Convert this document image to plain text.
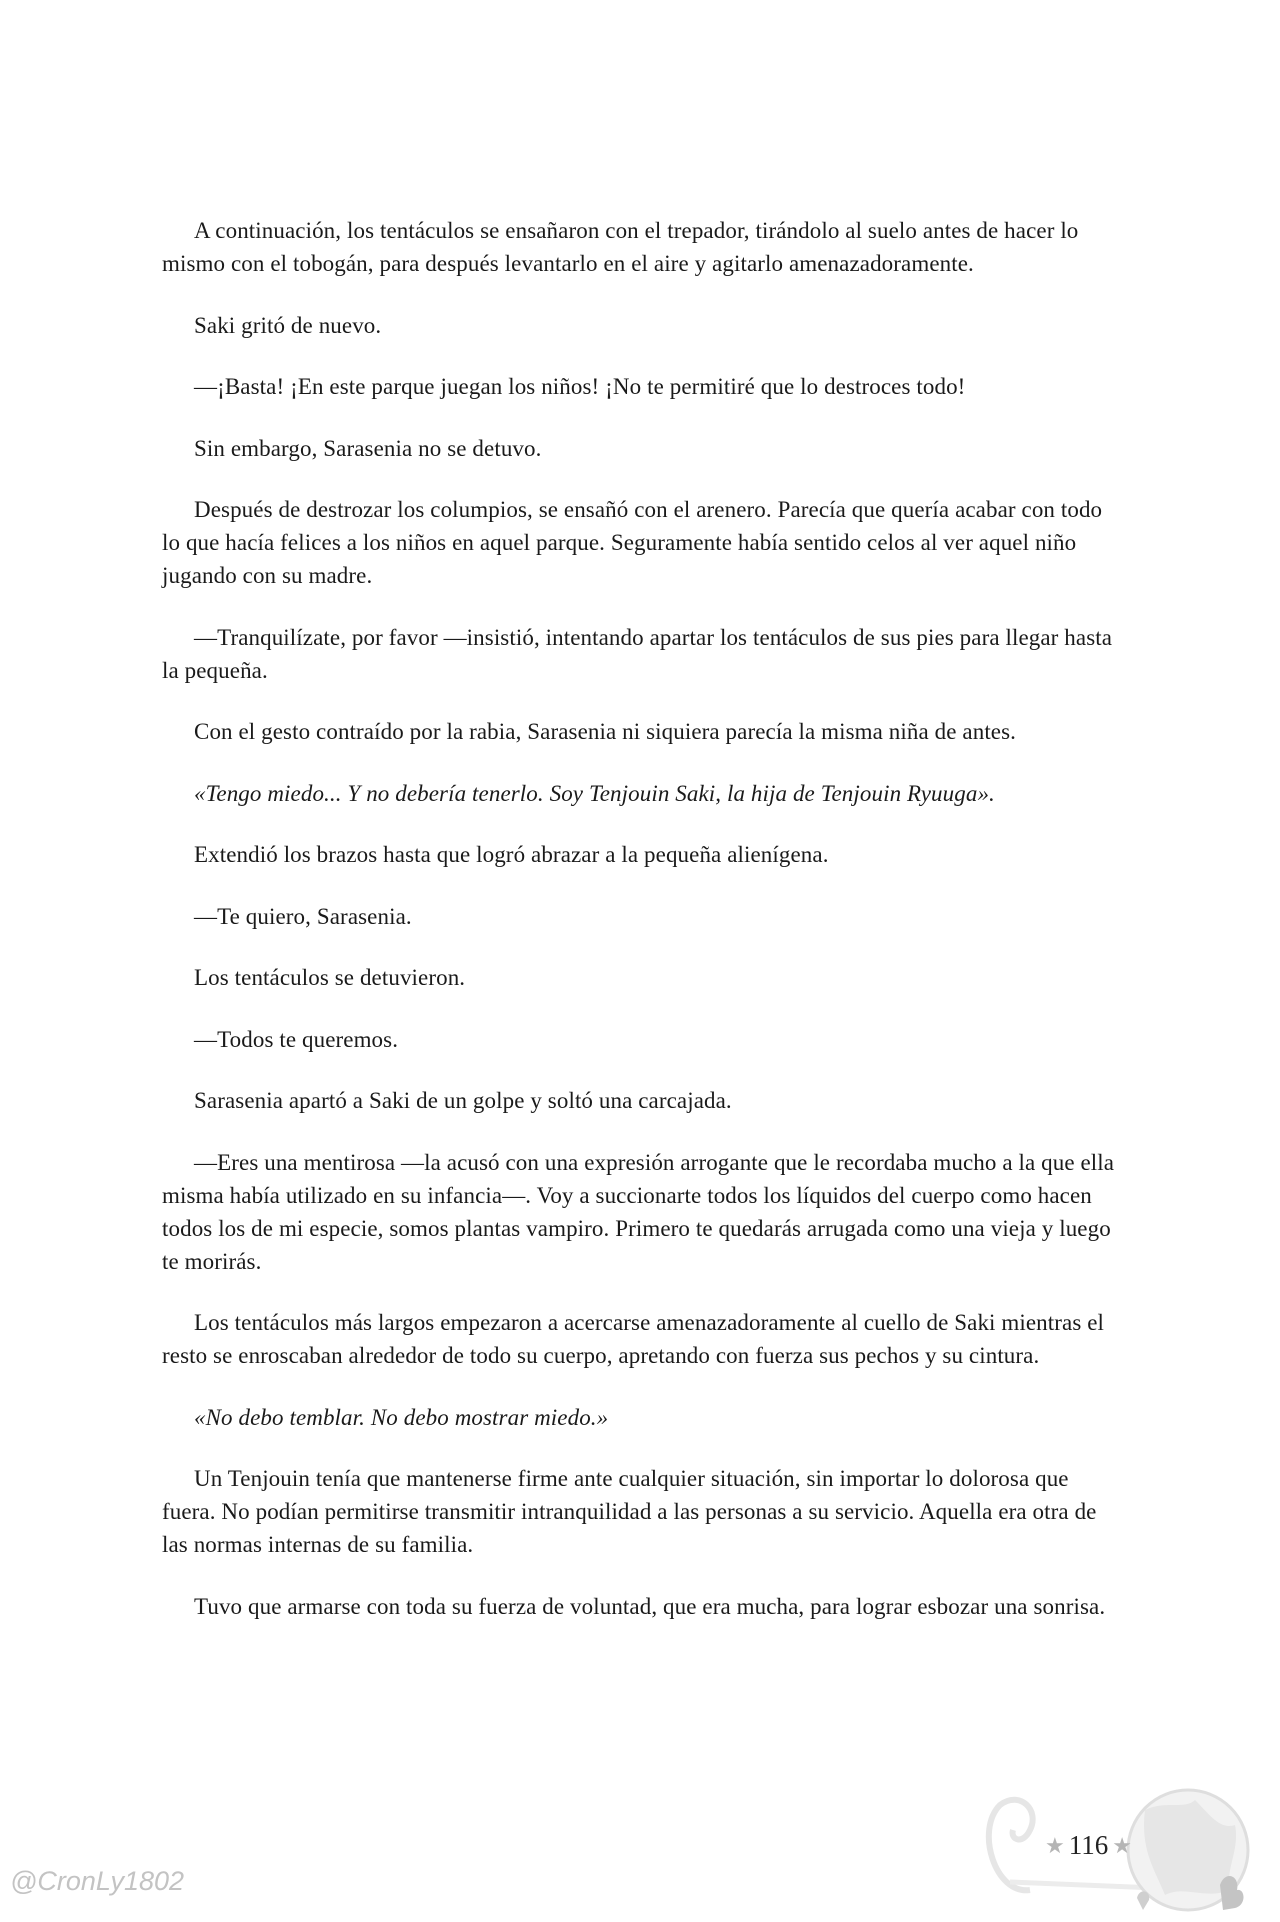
A continuación, los tentáculos se ensañaron con el trepador, tirándolo al suelo antes de hacer lo mismo con el tobogán, para después levantarlo en el aire y agitarlo amenazadoramente.

Saki gritó de nuevo.

—¡Basta! ¡En este parque juegan los niños! ¡No te permitiré que lo destroces todo!

Sin embargo, Sarasenia no se detuvo.

Después de destrozar los columpios, se ensañó con el arenero. Parecía que quería acabar con todo lo que hacía felices a los niños en aquel parque. Seguramente había sentido celos al ver aquel niño jugando con su madre.

—Tranquilízate, por favor —insistió, intentando apartar los tentáculos de sus pies para llegar hasta la pequeña.

Con el gesto contraído por la rabia, Sarasenia ni siquiera parecía la misma niña de antes.

«Tengo miedo... Y no debería tenerlo. Soy Tenjouin Saki, la hija de Tenjouin Ryuuga».

Extendió los brazos hasta que logró abrazar a la pequeña alienígena.

—Te quiero, Sarasenia.

Los tentáculos se detuvieron.

—Todos te queremos.

Sarasenia apartó a Saki de un golpe y soltó una carcajada.

—Eres una mentirosa —la acusó con una expresión arrogante que le recordaba mucho a la que ella misma había utilizado en su infancia—. Voy a succionarte todos los líquidos del cuerpo como hacen todos los de mi especie, somos plantas vampiro. Primero te quedarás arrugada como una vieja y luego te morirás.

Los tentáculos más largos empezaron a acercarse amenazadoramente al cuello de Saki mientras el resto se enroscaban alrededor de todo su cuerpo, apretando con fuerza sus pechos y su cintura.

«No debo temblar. No debo mostrar miedo.»

Un Tenjouin tenía que mantenerse firme ante cualquier situación, sin importar lo dolorosa que fuera. No podían permitirse transmitir intranquilidad a las personas a su servicio. Aquella era otra de las normas internas de su familia.

Tuvo que armarse con toda su fuerza de voluntad, que era mucha, para lograr esbozar una sonrisa.

★ 116 ★
@CronLy1802
